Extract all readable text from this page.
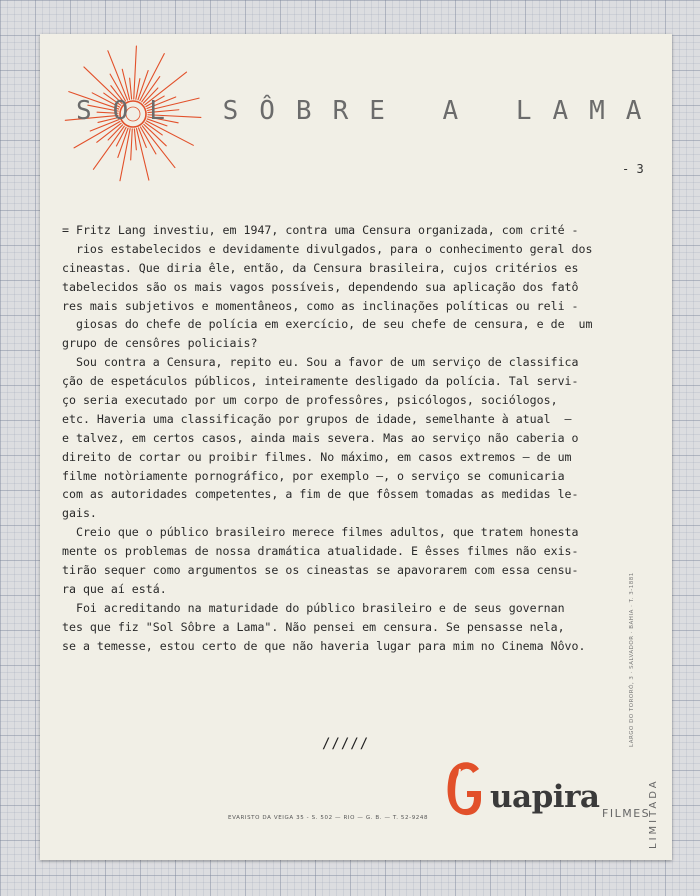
SOL SÔBRE A LAMA
- 3
= Fritz Lang investiu, em 1947, contra uma Censura organizada, com crité -
rios estabelecidos e devidamente divulgados, para o conhecimento geral dos
cineastas. Que diria êle, então, da Censura brasileira, cujos critérios es
tabelecidos são os mais vagos possíveis, dependendo sua aplicação dos fatô
res mais subjetivos e momentâneos, como as inclinações políticas ou reli -
giosas do chefe de polícia em exercício, de seu chefe de censura, e de  um
grupo de censôres policiais?
Sou contra a Censura, repito eu. Sou a favor de um serviço de classifica
ção de espetáculos públicos, inteiramente desligado da polícia. Tal servi-
ço seria executado por um corpo de professôres, psicólogos, sociólogos,
etc. Haveria uma classificação por grupos de idade, semelhante à atual  —
e talvez, em certos casos, ainda mais severa. Mas ao serviço não caberia o
direito de cortar ou proibir filmes. No máximo, em casos extremos — de um
filme notòriamente pornográfico, por exemplo —, o serviço se comunicaria
com as autoridades competentes, a fim de que fôssem tomadas as medidas le-
gais.
Creio que o público brasileiro merece filmes adultos, que tratem honesta
mente os problemas de nossa dramática atualidade. E êsses filmes não exis-
tirão sequer como argumentos se os cineastas se apavorarem com essa censu-
ra que aí está.
Foi acreditando na maturidade do público brasileiro e de seus governan
tes que fiz "Sol Sôbre a Lama". Não pensei em censura. Se pensasse nela,
se a temesse, estou certo de que não haveria lugar para mim no Cinema Nôvo.
/////
EVARISTO DA VEIGA 35 - S. 502 — RIO — G. B. — T. 52-9248
uapira FILMES
LIMITADA
LARGO DO TORORÓ, 3 · SALVADOR · BAHIA · T. 3-1881
